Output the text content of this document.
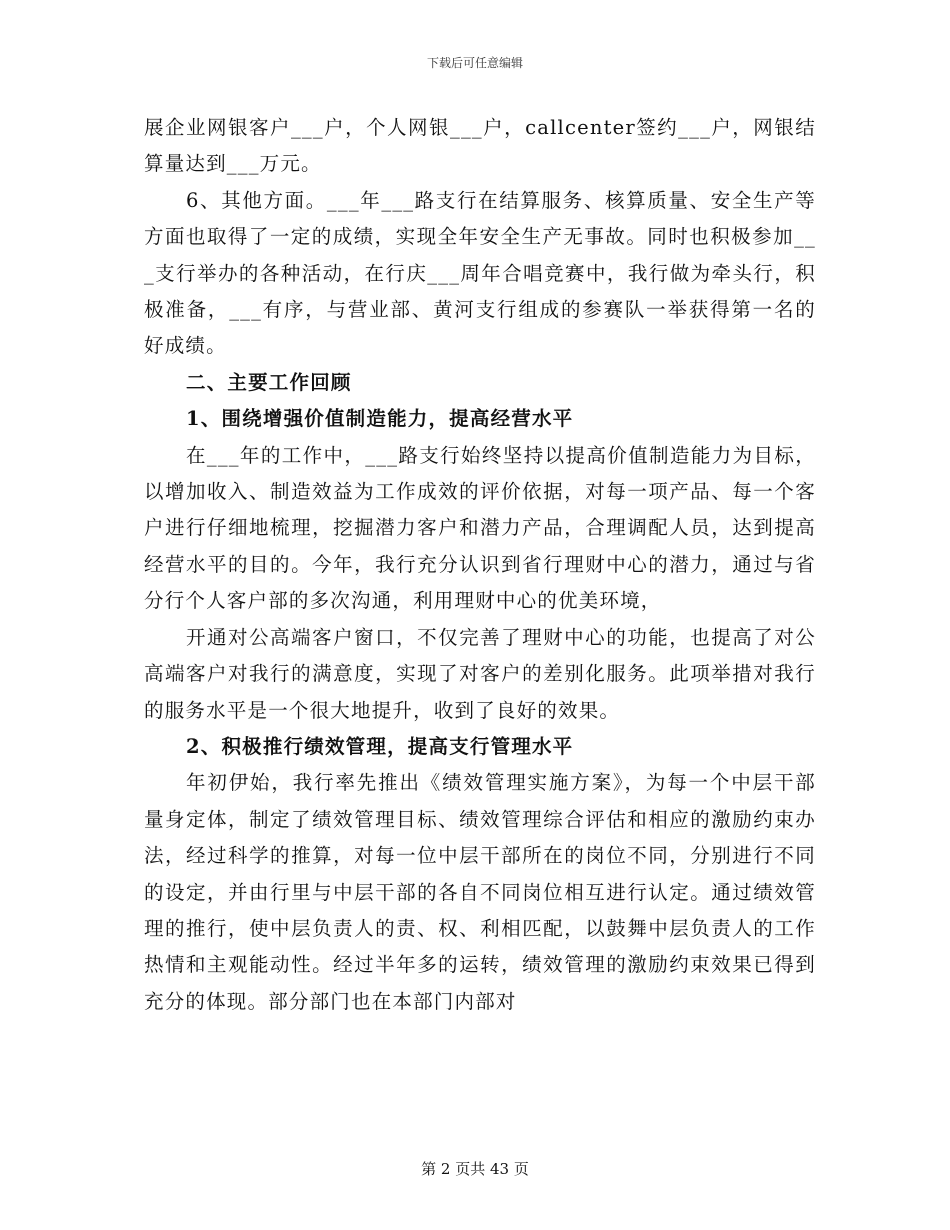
下载后可任意编辑

展企业网银客户___户，个人网银___户，callcenter签约___户，网银结算量达到___万元。

6、其他方面。___年___路支行在结算服务、核算质量、安全生产等方面也取得了一定的成绩，实现全年安全生产无事故。同时也积极参加___支行举办的各种活动，在行庆___周年合唱竞赛中，我行做为牵头行，积极准备，___有序，与营业部、黄河支行组成的参赛队一举获得第一名的好成绩。

二、主要工作回顾

1、围绕增强价值制造能力，提高经营水平

在___年的工作中，___路支行始终坚持以提高价值制造能力为目标，以增加收入、制造效益为工作成效的评价依据，对每一项产品、每一个客户进行仔细地梳理，挖掘潜力客户和潜力产品，合理调配人员，达到提高经营水平的目的。今年，我行充分认识到省行理财中心的潜力，通过与省分行个人客户部的多次沟通，利用理财中心的优美环境，

开通对公高端客户窗口，不仅完善了理财中心的功能，也提高了对公高端客户对我行的满意度，实现了对客户的差别化服务。此项举措对我行的服务水平是一个很大地提升，收到了良好的效果。

2、积极推行绩效管理，提高支行管理水平

年初伊始，我行率先推出《绩效管理实施方案》，为每一个中层干部量身定体，制定了绩效管理目标、绩效管理综合评估和相应的激励约束办法，经过科学的推算，对每一位中层干部所在的岗位不同，分别进行不同的设定，并由行里与中层干部的各自不同岗位相互进行认定。通过绩效管理的推行，使中层负责人的责、权、利相匹配，以鼓舞中层负责人的工作热情和主观能动性。经过半年多的运转，绩效管理的激励约束效果已得到充分的体现。部分部门也在本部门内部对

第 2 页共 43 页
